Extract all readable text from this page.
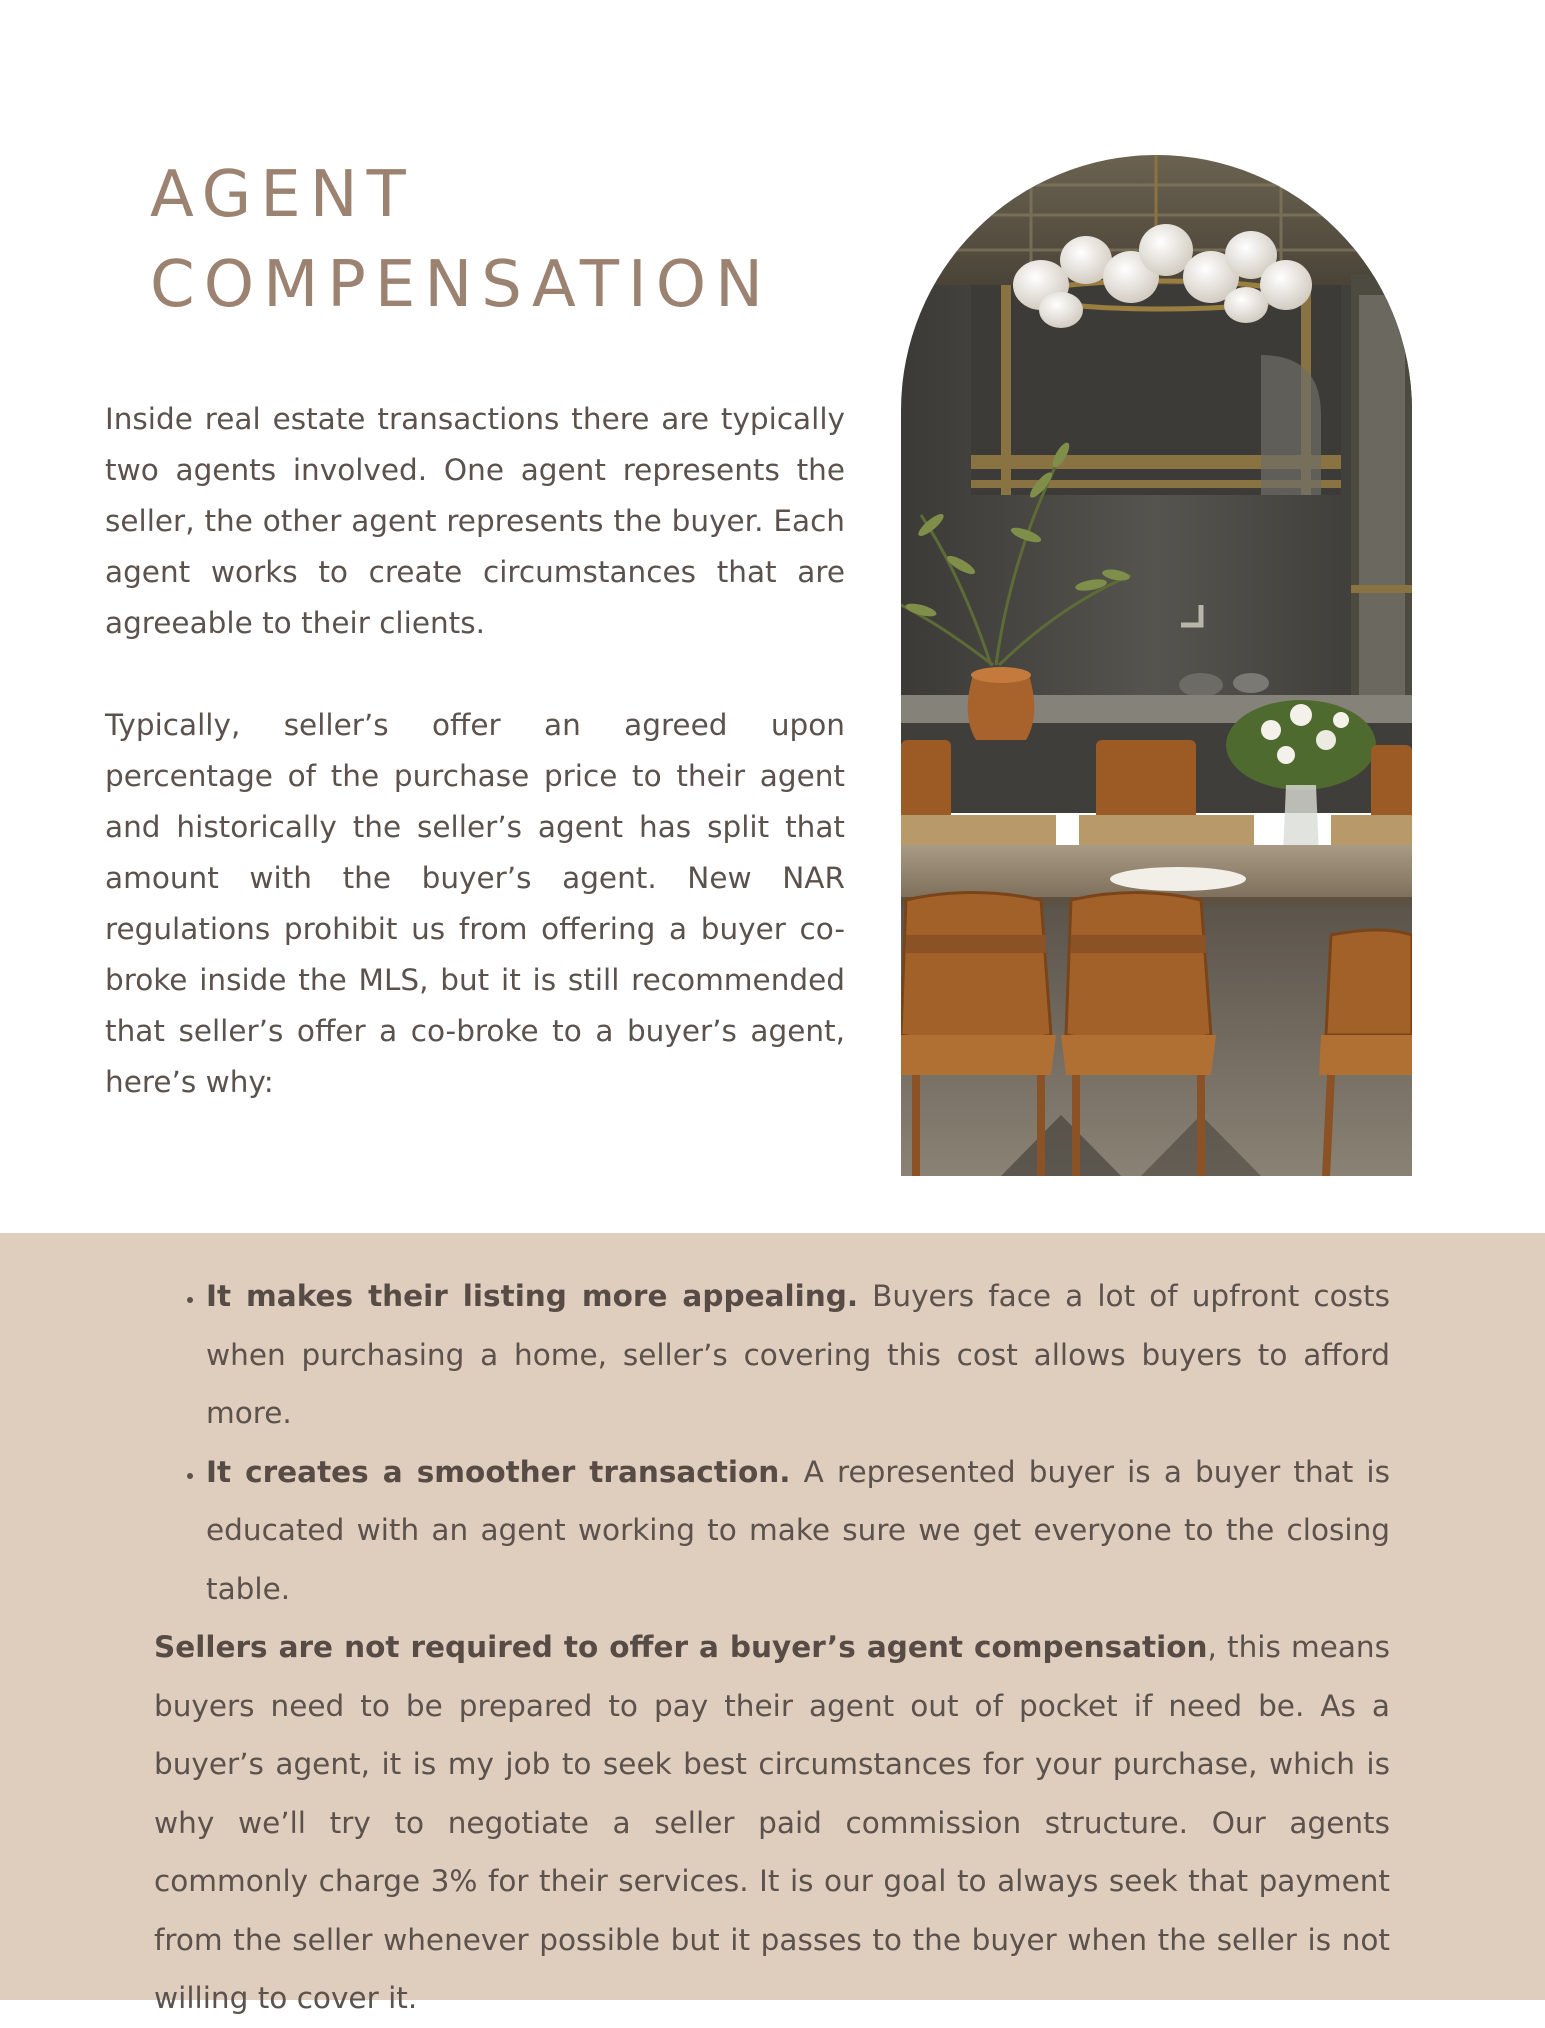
AGENT
COMPENSATION

Inside real estate transactions there are typically two agents involved. One agent represents the seller, the other agent represents the buyer. Each agent works to create circumstances that are agreeable to their clients.

Typically, seller’s offer an agreed upon percentage of the purchase price to their agent and historically the seller’s agent has split that amount with the buyer’s agent. New NAR regulations prohibit us from offering a buyer co-broke inside the MLS, but it is still recommended that seller’s offer a co-broke to a buyer’s agent, here’s why:

• It makes their listing more appealing. Buyers face a lot of upfront costs when purchasing a home, seller’s covering this cost allows buyers to afford more.
• It creates a smoother transaction. A represented buyer is a buyer that is educated with an agent working to make sure we get everyone to the closing table.

Sellers are not required to offer a buyer’s agent compensation, this means buyers need to be prepared to pay their agent out of pocket if need be. As a buyer’s agent, it is my job to seek best circumstances for your purchase, which is why we’ll try to negotiate a seller paid commission structure. Our agents commonly charge 3% for their services. It is our goal to always seek that payment from the seller whenever possible but it passes to the buyer when the seller is not willing to cover it.
